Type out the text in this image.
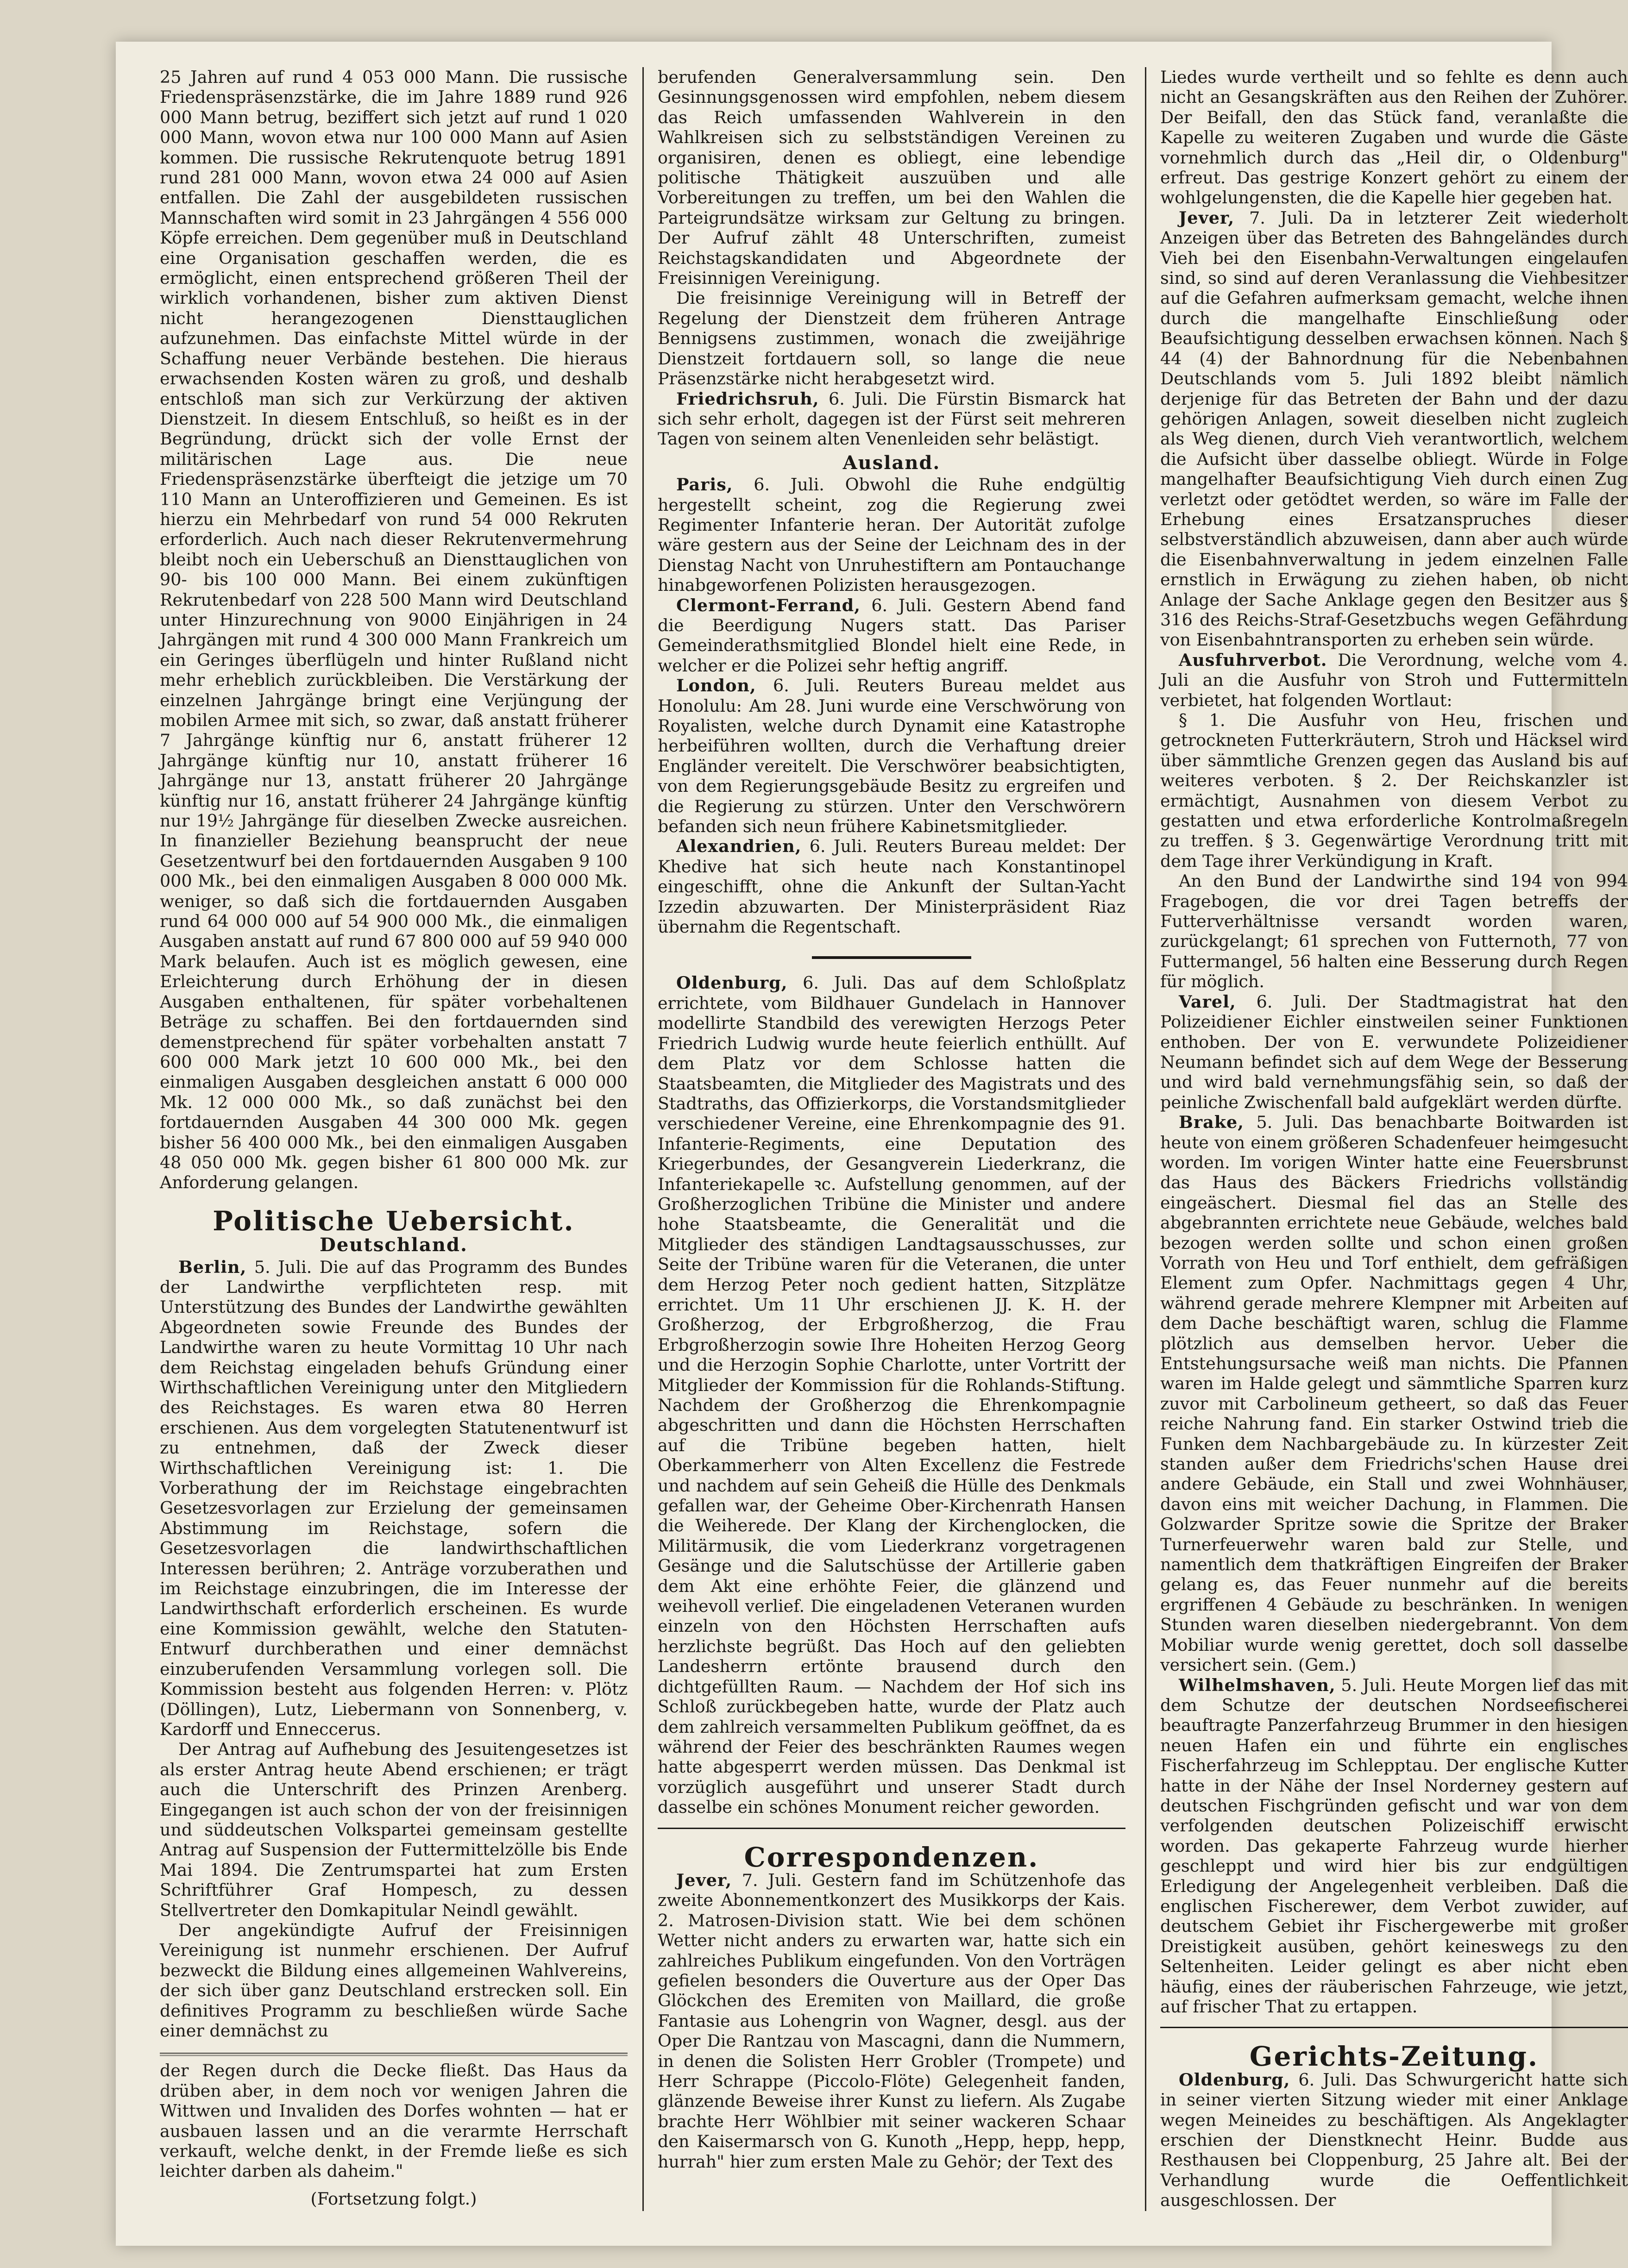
25 Jahren auf rund 4 053 000 Mann. Die russische Friedenspräsenzstärke, die im Jahre 1889 rund 926 000 Mann betrug, beziffert sich jetzt auf rund 1 020 000 Mann, wovon etwa nur 100 000 Mann auf Asien kommen. Die russische Rekrutenquote betrug 1891 rund 281 000 Mann, wovon etwa 24 000 auf Asien entfallen. Die Zahl der ausgebildeten russischen Mannschaften wird somit in 23 Jahrgängen 4 556 000 Köpfe erreichen. Dem gegenüber muß in Deutschland eine Organisation geschaffen werden, die es ermöglicht, einen entsprechend größeren Theil der wirklich vorhandenen, bisher zum aktiven Dienst nicht herangezogenen Diensttauglichen aufzunehmen. Das einfachste Mittel würde in der Schaffung neuer Verbände bestehen. Die hieraus erwachsenden Kosten wären zu groß, und deshalb entschloß man sich zur Verkürzung der aktiven Dienstzeit. In diesem Entschluß, so heißt es in der Begründung, drückt sich der volle Ernst der militärischen Lage aus. Die neue Friedenspräsenzstärke überfteigt die jetzige um 70 110 Mann an Unteroffizieren und Gemeinen. Es ist hierzu ein Mehrbedarf von rund 54 000 Rekruten erforderlich. Auch nach dieser Rekrutenvermehrung bleibt noch ein Ueberschuß an Diensttauglichen von 90- bis 100 000 Mann. Bei einem zukünftigen Rekrutenbedarf von 228 500 Mann wird Deutschland unter Hinzurechnung von 9000 Einjährigen in 24 Jahrgängen mit rund 4 300 000 Mann Frankreich um ein Geringes überflügeln und hinter Rußland nicht mehr erheblich zurückbleiben. Die Verstärkung der einzelnen Jahrgänge bringt eine Verjüngung der mobilen Armee mit sich, so zwar, daß anstatt früherer 7 Jahrgänge künftig nur 6, anstatt früherer 12 Jahrgänge künftig nur 10, anstatt früherer 16 Jahrgänge nur 13, anstatt früherer 20 Jahrgänge künftig nur 16, anstatt früherer 24 Jahrgänge künftig nur 19½ Jahrgänge für dieselben Zwecke ausreichen. In finanzieller Beziehung beansprucht der neue Gesetzentwurf bei den fortdauernden Ausgaben 9 100 000 Mk., bei den einmaligen Ausgaben 8 000 000 Mk. weniger, so daß sich die fortdauernden Ausgaben rund 64 000 000 auf 54 900 000 Mk., die einmaligen Ausgaben anstatt auf rund 67 800 000 auf 59 940 000 Mark belaufen. Auch ist es möglich gewesen, eine Erleichterung durch Erhöhung der in diesen Ausgaben enthaltenen, für später vorbehaltenen Beträge zu schaffen. Bei den fortdauernden sind demenstprechend für später vorbehalten anstatt 7 600 000 Mark jetzt 10 600 000 Mk., bei den einmaligen Ausgaben desgleichen anstatt 6 000 000 Mk. 12 000 000 Mk., so daß zunächst bei den fortdauernden Ausgaben 44 300 000 Mk. gegen bisher 56 400 000 Mk., bei den einmaligen Ausgaben 48 050 000 Mk. gegen bisher 61 800 000 Mk. zur Anforderung gelangen.

Politische Uebersicht.
Deutschland.

Berlin, 5. Juli. Die auf das Programm des Bundes der Landwirthe verpflichteten resp. mit Unterstützung des Bundes der Landwirthe gewählten Abgeordneten sowie Freunde des Bundes der Landwirthe waren zu heute Vormittag 10 Uhr nach dem Reichstag eingeladen behufs Gründung einer Wirthschaftlichen Vereinigung unter den Mitgliedern des Reichstages. Es waren etwa 80 Herren erschienen. Aus dem vorgelegten Statutenentwurf ist zu entnehmen, daß der Zweck dieser Wirthschaftlichen Vereinigung ist: 1. Die Vorberathung der im Reichstage eingebrachten Gesetzesvorlagen zur Erzielung der gemeinsamen Abstimmung im Reichstage, sofern die Gesetzesvorlagen die landwirthschaftlichen Interessen berühren; 2. Anträge vorzuberathen und im Reichstage einzubringen, die im Interesse der Landwirthschaft erforderlich erscheinen. Es wurde eine Kommission gewählt, welche den Statuten-Entwurf durchberathen und einer demnächst einzuberufenden Versammlung vorlegen soll. Die Kommission besteht aus folgenden Herren: v. Plötz (Döllingen), Lutz, Liebermann von Sonnenberg, v. Kardorff und Enneccerus.

Der Antrag auf Aufhebung des Jesuitengesetzes ist als erster Antrag heute Abend erschienen; er trägt auch die Unterschrift des Prinzen Arenberg. Eingegangen ist auch schon der von der freisinnigen und süddeutschen Volkspartei gemeinsam gestellte Antrag auf Suspension der Futtermittelzölle bis Ende Mai 1894. Die Zentrumspartei hat zum Ersten Schriftführer Graf Hompesch, zu dessen Stellvertreter den Domkapitular Neindl gewählt.

Der angekündigte Aufruf der Freisinnigen Vereinigung ist nunmehr erschienen. Der Aufruf bezweckt die Bildung eines allgemeinen Wahlvereins, der sich über ganz Deutschland erstrecken soll. Ein definitives Programm zu beschließen würde Sache einer demnächst zu

der Regen durch die Decke fließt. Das Haus da drüben aber, in dem noch vor wenigen Jahren die Wittwen und Invaliden des Dorfes wohnten — hat er ausbauen lassen und an die verarmte Herrschaft verkauft, welche denkt, in der Fremde ließe es sich leichter darben als daheim."

(Fortsetzung folgt.)

berufenden Generalversammlung sein. Den Gesinnungsgenossen wird empfohlen, nebem diesem das Reich umfassenden Wahlverein in den Wahlkreisen sich zu selbstständigen Vereinen zu organisiren, denen es obliegt, eine lebendige politische Thätigkeit auszuüben und alle Vorbereitungen zu treffen, um bei den Wahlen die Parteigrundsätze wirksam zur Geltung zu bringen. Der Aufruf zählt 48 Unterschriften, zumeist Reichstagskandidaten und Abgeordnete der Freisinnigen Vereinigung.

Die freisinnige Vereinigung will in Betreff der Regelung der Dienstzeit dem früheren Antrage Bennigsens zustimmen, wonach die zweijährige Dienstzeit fortdauern soll, so lange die neue Präsenzstärke nicht herabgesetzt wird.

Friedrichsruh, 6. Juli. Die Fürstin Bismarck hat sich sehr erholt, dagegen ist der Fürst seit mehreren Tagen von seinem alten Venenleiden sehr belästigt.

Ausland.

Paris, 6. Juli. Obwohl die Ruhe endgültig hergestellt scheint, zog die Regierung zwei Regimenter Infanterie heran. Der Autorität zufolge wäre gestern aus der Seine der Leichnam des in der Dienstag Nacht von Unruhestiftern am Pontauchange hinabgeworfenen Polizisten herausgezogen.

Clermont-Ferrand, 6. Juli. Gestern Abend fand die Beerdigung Nugers statt. Das Pariser Gemeinderathsmitglied Blondel hielt eine Rede, in welcher er die Polizei sehr heftig angriff.

London, 6. Juli. Reuters Bureau meldet aus Honolulu: Am 28. Juni wurde eine Verschwörung von Royalisten, welche durch Dynamit eine Katastrophe herbeiführen wollten, durch die Verhaftung dreier Engländer vereitelt. Die Verschwörer beabsichtigten, von dem Regierungsgebäude Besitz zu ergreifen und die Regierung zu stürzen. Unter den Verschwörern befanden sich neun frühere Kabinetsmitglieder.

Alexandrien, 6. Juli. Reuters Bureau meldet: Der Khedive hat sich heute nach Konstantinopel eingeschifft, ohne die Ankunft der Sultan-Yacht Izzedin abzuwarten. Der Ministerpräsident Riaz übernahm die Regentschaft.

Oldenburg, 6. Juli. Das auf dem Schloßplatz errichtete, vom Bildhauer Gundelach in Hannover modellirte Standbild des verewigten Herzogs Peter Friedrich Ludwig wurde heute feierlich enthüllt. Auf dem Platz vor dem Schlosse hatten die Staatsbeamten, die Mitglieder des Magistrats und des Stadtraths, das Offizierkorps, die Vorstandsmitglieder verschiedener Vereine, eine Ehrenkompagnie des 91. Infanterie-Regiments, eine Deputation des Kriegerbundes, der Gesangverein Liederkranz, die Infanteriekapelle ꝛc. Aufstellung genommen, auf der Großherzoglichen Tribüne die Minister und andere hohe Staatsbeamte, die Generalität und die Mitglieder des ständigen Landtagsausschusses, zur Seite der Tribüne waren für die Veteranen, die unter dem Herzog Peter noch gedient hatten, Sitzplätze errichtet. Um 11 Uhr erschienen JJ. K. H. der Großherzog, der Erbgroßherzog, die Frau Erbgroßherzogin sowie Ihre Hoheiten Herzog Georg und die Herzogin Sophie Charlotte, unter Vortritt der Mitglieder der Kommission für die Rohlands-Stiftung. Nachdem der Großherzog die Ehrenkompagnie abgeschritten und dann die Höchsten Herrschaften auf die Tribüne begeben hatten, hielt Oberkammerherr von Alten Excellenz die Festrede und nachdem auf sein Geheiß die Hülle des Denkmals gefallen war, der Geheime Ober-Kirchenrath Hansen die Weiherede. Der Klang der Kirchenglocken, die Militärmusik, die vom Liederkranz vorgetragenen Gesänge und die Salutschüsse der Artillerie gaben dem Akt eine erhöhte Feier, die glänzend und weihevoll verlief. Die eingeladenen Veteranen wurden einzeln von den Höchsten Herrschaften aufs herzlichste begrüßt. Das Hoch auf den geliebten Landesherrn ertönte brausend durch den dichtgefüllten Raum. — Nachdem der Hof sich ins Schloß zurückbegeben hatte, wurde der Platz auch dem zahlreich versammelten Publikum geöffnet, da es während der Feier des beschränkten Raumes wegen hatte abgesperrt werden müssen. Das Denkmal ist vorzüglich ausgeführt und unserer Stadt durch dasselbe ein schönes Monument reicher geworden.

Correspondenzen.

Jever, 7. Juli. Gestern fand im Schützenhofe das zweite Abonnementkonzert des Musikkorps der Kais. 2. Matrosen-Division statt. Wie bei dem schönen Wetter nicht anders zu erwarten war, hatte sich ein zahlreiches Publikum eingefunden. Von den Vorträgen gefielen besonders die Ouverture aus der Oper Das Glöckchen des Eremiten von Maillard, die große Fantasie aus Lohengrin von Wagner, desgl. aus der Oper Die Rantzau von Mascagni, dann die Nummern, in denen die Solisten Herr Grobler (Trompete) und Herr Schrappe (Piccolo-Flöte) Gelegenheit fanden, glänzende Beweise ihrer Kunst zu liefern. Als Zugabe brachte Herr Wöhlbier mit seiner wackeren Schaar den Kaisermarsch von G. Kunoth „Hepp, hepp, hepp, hurrah" hier zum ersten Male zu Gehör; der Text des

Liedes wurde vertheilt und so fehlte es denn auch nicht an Gesangskräften aus den Reihen der Zuhörer. Der Beifall, den das Stück fand, veranlaßte die Kapelle zu weiteren Zugaben und wurde die Gäste vornehmlich durch das „Heil dir, o Oldenburg" erfreut. Das gestrige Konzert gehört zu einem der wohlgelungensten, die die Kapelle hier gegeben hat.

Jever, 7. Juli. Da in letzterer Zeit wiederholt Anzeigen über das Betreten des Bahngeländes durch Vieh bei den Eisenbahn-Verwaltungen eingelaufen sind, so sind auf deren Veranlassung die Viehbesitzer auf die Gefahren aufmerksam gemacht, welche ihnen durch die mangelhafte Einschließung oder Beaufsichtigung desselben erwachsen können. Nach § 44 (4) der Bahnordnung für die Nebenbahnen Deutschlands vom 5. Juli 1892 bleibt nämlich derjenige für das Betreten der Bahn und der dazu gehörigen Anlagen, soweit dieselben nicht zugleich als Weg dienen, durch Vieh verantwortlich, welchem die Aufsicht über dasselbe obliegt. Würde in Folge mangelhafter Beaufsichtigung Vieh durch einen Zug verletzt oder getödtet werden, so wäre im Falle der Erhebung eines Ersatzanspruches dieser selbstverständlich abzuweisen, dann aber auch würde die Eisenbahnverwaltung in jedem einzelnen Falle ernstlich in Erwägung zu ziehen haben, ob nicht Anlage der Sache Anklage gegen den Besitzer aus § 316 des Reichs-Straf-Gesetzbuchs wegen Gefährdung von Eisenbahntransporten zu erheben sein würde.

Ausfuhrverbot. Die Verordnung, welche vom 4. Juli an die Ausfuhr von Stroh und Futtermitteln verbietet, hat folgenden Wortlaut:

§ 1. Die Ausfuhr von Heu, frischen und getrockneten Futterkräutern, Stroh und Häcksel wird über sämmtliche Grenzen gegen das Ausland bis auf weiteres verboten. § 2. Der Reichskanzler ist ermächtigt, Ausnahmen von diesem Verbot zu gestatten und etwa erforderliche Kontrolmaßregeln zu treffen. § 3. Gegenwärtige Verordnung tritt mit dem Tage ihrer Verkündigung in Kraft.

An den Bund der Landwirthe sind 194 von 994 Fragebogen, die vor drei Tagen betreffs der Futterverhältnisse versandt worden waren, zurückgelangt; 61 sprechen von Futternoth, 77 von Futtermangel, 56 halten eine Besserung durch Regen für möglich.

Varel, 6. Juli. Der Stadtmagistrat hat den Polizeidiener Eichler einstweilen seiner Funktionen enthoben. Der von E. verwundete Polizeidiener Neumann befindet sich auf dem Wege der Besserung und wird bald vernehmungsfähig sein, so daß der peinliche Zwischenfall bald aufgeklärt werden dürfte.

Brake, 5. Juli. Das benachbarte Boitwarden ist heute von einem größeren Schadenfeuer heimgesucht worden. Im vorigen Winter hatte eine Feuersbrunst das Haus des Bäckers Friedrichs vollständig eingeäschert. Diesmal fiel das an Stelle des abgebrannten errichtete neue Gebäude, welches bald bezogen werden sollte und schon einen großen Vorrath von Heu und Torf enthielt, dem gefräßigen Element zum Opfer. Nachmittags gegen 4 Uhr, während gerade mehrere Klempner mit Arbeiten auf dem Dache beschäftigt waren, schlug die Flamme plötzlich aus demselben hervor. Ueber die Entstehungsursache weiß man nichts. Die Pfannen waren im Halde gelegt und sämmtliche Sparren kurz zuvor mit Carbolineum getheert, so daß das Feuer reiche Nahrung fand. Ein starker Ostwind trieb die Funken dem Nachbargebäude zu. In kürzester Zeit standen außer dem Friedrichs'schen Hause drei andere Gebäude, ein Stall und zwei Wohnhäuser, davon eins mit weicher Dachung, in Flammen. Die Golzwarder Spritze sowie die Spritze der Braker Turnerfeuerwehr waren bald zur Stelle, und namentlich dem thatkräftigen Eingreifen der Braker gelang es, das Feuer nunmehr auf die bereits ergriffenen 4 Gebäude zu beschränken. In wenigen Stunden waren dieselben niedergebrannt. Von dem Mobiliar wurde wenig gerettet, doch soll dasselbe versichert sein. (Gem.)

Wilhelmshaven, 5. Juli. Heute Morgen lief das mit dem Schutze der deutschen Nordseefischerei beauftragte Panzerfahrzeug Brummer in den hiesigen neuen Hafen ein und führte ein englisches Fischerfahrzeug im Schlepptau. Der englische Kutter hatte in der Nähe der Insel Norderney gestern auf deutschen Fischgründen gefischt und war von dem verfolgenden deutschen Polizeischiff erwischt worden. Das gekaperte Fahrzeug wurde hierher geschleppt und wird hier bis zur endgültigen Erledigung der Angelegenheit verbleiben. Daß die englischen Fischerewer, dem Verbot zuwider, auf deutschem Gebiet ihr Fischergewerbe mit großer Dreistigkeit ausüben, gehört keineswegs zu den Seltenheiten. Leider gelingt es aber nicht eben häufig, eines der räuberischen Fahrzeuge, wie jetzt, auf frischer That zu ertappen.

Gerichts-Zeitung.

Oldenburg, 6. Juli. Das Schwurgericht hatte sich in seiner vierten Sitzung wieder mit einer Anklage wegen Meineides zu beschäftigen. Als Angeklagter erschien der Dienstknecht Heinr. Budde aus Resthausen bei Cloppenburg, 25 Jahre alt. Bei der Verhandlung wurde die Oeffentlichkeit ausgeschlossen. Der
